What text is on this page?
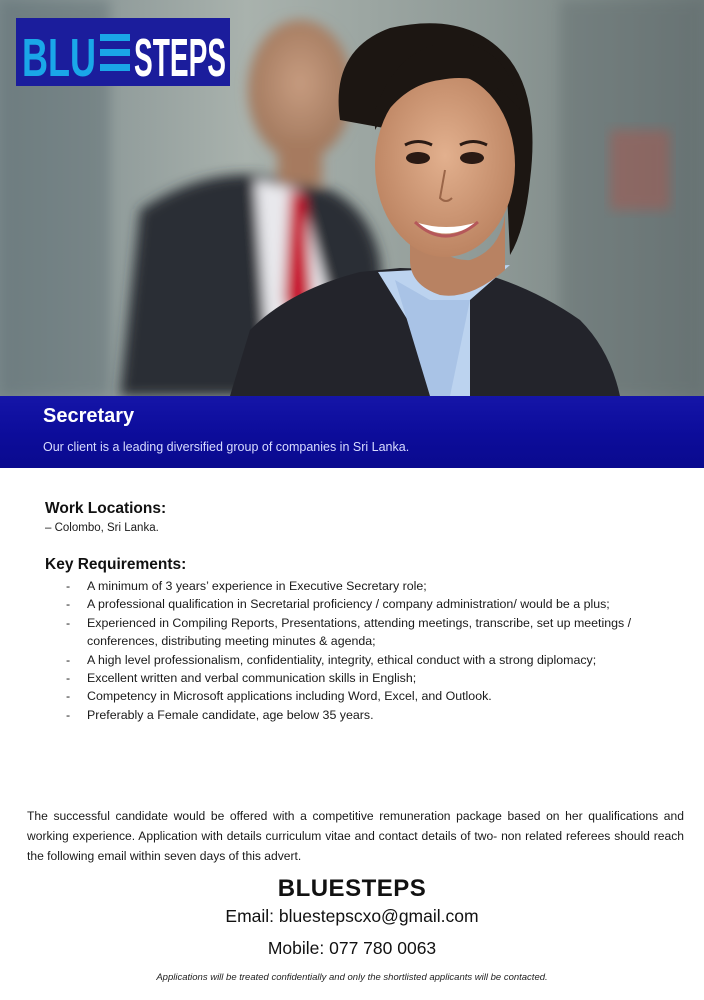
BLU STEPS
Secretary
Our client is a leading diversified group of companies in Sri Lanka.
Work Locations:
– Colombo, Sri Lanka.
Key Requirements:
- A minimum of 3 years’ experience in Executive Secretary role;
- A professional qualification in Secretarial proficiency / company administration/ would be a plus;
- Experienced in Compiling Reports, Presentations, attending meetings, transcribe, set up meetings / conferences, distributing meeting minutes & agenda;
- A high level professionalism, confidentiality, integrity, ethical conduct with a strong diplomacy;
- Excellent written and verbal communication skills in English;
- Competency in Microsoft applications including Word, Excel, and Outlook.
- Preferably a Female candidate, age below 35 years.

The successful candidate would be offered with a competitive remuneration package based on her qualifications and working experience. Application with details curriculum vitae and contact details of two- non related referees should reach the following email within seven days of this advert.

BLUESTEPS
Email: bluestepscxo@gmail.com
Mobile: 077 780 0063
Applications will be treated confidentially and only the shortlisted applicants will be contacted.
